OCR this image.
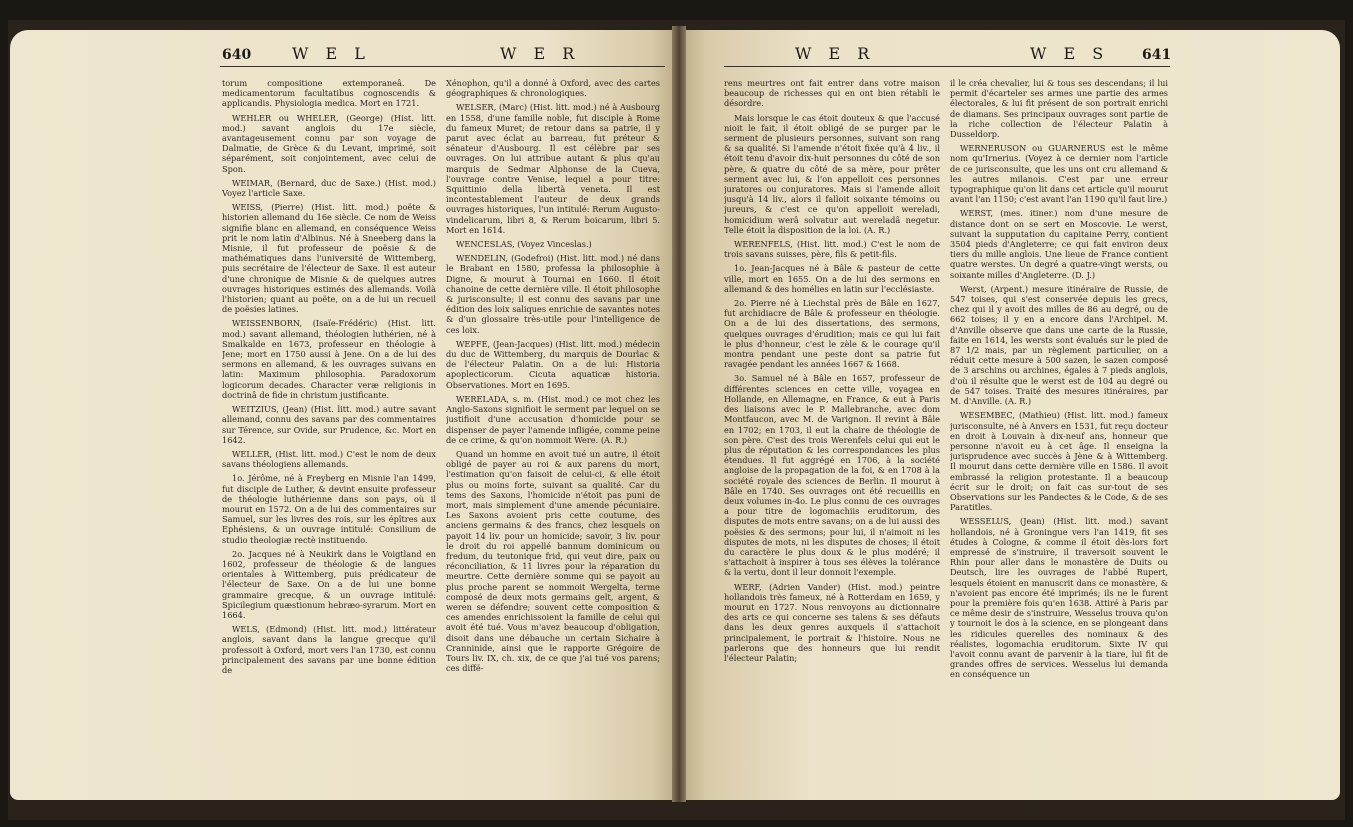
640	W E L	W E R

torum compositione extemporaneâ. De medicamentorum facultatibus cognoscendis & applicandis. Physiologia medica. Mort en 1721.

WEHLER ou WHELER, (George) (Hist. litt. mod.) savant anglois du 17e siècle, avantageusement connu par son voyage de Dalmatie, de Grèce & du Levant, imprimé, soit séparément, soit conjointement, avec celui de Spon.

WEIMAR, (Bernard, duc de Saxe.) (Hist. mod.) Voyez l'article Saxe.

WEISS, (Pierre) (Hist. litt. mod.) poëte & historien allemand du 16e siècle. Ce nom de Weiss signifie blanc en allemand, en conséquence Weiss prit le nom latin d'Albinus. Né à Sneeberg dans la Misnie, il fut professeur de poësie & de mathématiques dans l'université de Wittemberg, puis secrétaire de l'électeur de Saxe. Il est auteur d'une chronique de Misnie & de quelques autres ouvrages historiques estimés des allemands. Voilà l'historien; quant au poëte, on a de lui un recueil de poësies latines.

WEISSENBORN, (Isaïe-Frédéric) (Hist. litt. mod.) savant allemand, théologien luthérien, né à Smalkalde en 1673, professeur en théologie à Jene; mort en 1750 aussi à Jene. On a de lui des sermons en allemand, & les ouvrages suivans en latin: Maximum philosophia. Paradoxorum logicorum decades. Character veræ religionis in doctrinâ de fide in christum justificante.

WEITZIUS, (Jean) (Hist. litt. mod.) autre savant allemand, connu des savans par des commentaires sur Térence, sur Ovide, sur Prudence, &c. Mort en 1642.

WELLER, (Hist. litt. mod.) C'est le nom de deux savans théologiens allemands.

1o. Jérôme, né à Freyberg en Misnie l'an 1499, fut disciple de Luther, & devint ensuite professeur de théologie luthérienne dans son pays, où il mourut en 1572. On a de lui des commentaires sur Samuel, sur les livres des rois, sur les épîtres aux Ephésiens, & un ouvrage intitulé: Consilium de studio theologiæ rectè instituendo.

2o. Jacques né à Neukirk dans le Voigtland en 1602, professeur de théologie & de langues orientales à Wittemberg, puis prédicateur de l'électeur de Saxe. On a de lui une bonne grammaire grecque, & un ouvrage intitulé: Spicilegium quæstionum hebræo-syrarum. Mort en 1664.

WELS, (Edmond) (Hist. litt. mod.) littérateur anglois, savant dans la langue grecque qu'il professoit à Oxford, mort vers l'an 1730, est connu principalement des savans par une bonne édition de

Xénophon, qu'il a donné à Oxford, avec des cartes géographiques & chronologiques.

WELSER, (Marc) (Hist. litt. mod.) né à Ausbourg en 1558, d'une famille noble, fut disciple à Rome du fameux Muret; de retour dans sa patrie, il y parut avec éclat au barreau, fut préteur & sénateur d'Ausbourg. Il est célèbre par ses ouvrages. On lui attribue autant & plus qu'au marquis de Sedmar Alphonse de la Cueva, l'ouvrage contre Venise, lequel a pour titre: Squittinio della libertà veneta. Il est incontestablement l'auteur de deux grands ouvrages historiques, l'un intitulé: Rerum Augusto-vindelicarum, libri 8, & Rerum boicarum, libri 5. Mort en 1614.

WENCESLAS, (Voyez Vinceslas.)

WENDELIN, (Godefroi) (Hist. litt. mod.) né dans le Brabant en 1580, professa la philosophie à Digne, & mourut à Tournai en 1660. Il étoit chanoine de cette dernière ville. Il étoit philosophe & jurisconsulte; il est connu des savans par une édition des loix saliques enrichie de savantes notes & d'un glossaire très-utile pour l'intelligence de ces loix.

WEPFE, (Jean-Jacques) (Hist. litt. mod.) médecin du duc de Wittemberg, du marquis de Dourlac & de l'électeur Palatin. On a de lui: Historia apoplecticorum. Cicuta aquaticæ historia. Observationes. Mort en 1695.

WERELADA, s. m. (Hist. mod.) ce mot chez les Anglo-Saxons signifioit le serment par lequel on se justifioit d'une accusation d'homicide pour se dispenser de payer l'amende infligée, comme peine de ce crime, & qu'on nommoit Were. (A. R.)

Quand un homme en avoit tué un autre, il étoit obligé de payer au roi & aux parens du mort, l'estimation qu'on faisoit de celui-ci, & elle étoit plus ou moins forte, suivant sa qualité. Car du tems des Saxons, l'homicide n'étoit pas puni de mort, mais simplement d'une amende pécuniaire. Les Saxons avoient pris cette coutume, des anciens germains & des francs, chez lesquels on payoit 14 liv. pour un homicide; savoir, 3 liv. pour le droit du roi appellé bannum dominicum ou fredum, du teutonique frid, qui veut dire, paix ou réconciliation, & 11 livres pour la réparation du meurtre. Cette dernière somme qui se payoit au plus proche parent se nommoit Wergelta, terme composé de deux mots germains gelt, argent, & weren se défendre; souvent cette composition & ces amendes enrichissoient la famille de celui qui avoit été tué. Vous m'avez beaucoup d'obligation, disoit dans une débauche un certain Sichaire à Cranninide, ainsi que le rapporte Grégoire de Tours liv. IX, ch. xix, de ce que j'ai tué vos parens; ces diffé-

rens
W E R	W E S 641

rens meurtres ont fait entrer dans votre maison beaucoup de richesses qui en ont bien rétabli le désordre.

Mais lorsque le cas étoit douteux & que l'accusé nioit le fait, il étoit obligé de se purger par le serment de plusieurs personnes, suivant son rang & sa qualité. Si l'amende n'étoit fixée qu'à 4 liv., il étoit tenu d'avoir dix-huit personnes du côté de son père, & quatre du côté de sa mère, pour prêter serment avec lui, & l'on appelloit ces personnes juratores ou conjuratores. Mais si l'amende alloit jusqu'à 14 liv., alors il falloit soixante témoins ou jureurs, & c'est ce qu'on appelloit wereladi, homicidium werâ solvatur aut wereladâ negetur. Telle étoit la disposition de la loi. (A. R.)

WERENFELS, (Hist. litt. mod.) C'est le nom de trois savans suisses, père, fils & petit-fils.

1o. Jean-Jacques né à Bâle & pasteur de cette ville, mort en 1655. On a de lui des sermons en allemand & des homélies en latin sur l'ecclésiaste.

2o. Pierre né à Liechstal près de Bâle en 1627, fut archidiacre de Bâle & professeur en théologie. On a de lui des dissertations, des sermons, quelques ouvrages d'érudition; mais ce qui lui fait le plus d'honneur, c'est le zèle & le courage qu'il montra pendant une peste dont sa patrie fut ravagée pendant les années 1667 & 1668.

3o. Samuel né à Bâle en 1657, professeur de différentes sciences en cette ville, voyagea en Hollande, en Allemagne, en France, & eut à Paris des liaisons avec le P. Mallebranche, avec dom Montfaucon, avec M. de Varignon. Il revint à Bâle en 1702; en 1703, il eut la chaire de théologie de son père. C'est des trois Werenfels celui qui eut le plus de réputation & les correspondances les plus étendues. Il fut aggrégé en 1706, à la société angloise de la propagation de la foi, & en 1708 à la société royale des sciences de Berlin. Il mourut à Bâle en 1740. Ses ouvrages ont été recueillis en deux volumes in-4o. Le plus connu de ces ouvrages a pour titre de logomachiis eruditorum, des disputes de mots entre savans; on a de lui aussi des poësies & des sermons; pour lui, il n'aimoit ni les disputes de mots, ni les disputes de choses; il étoit du caractère le plus doux & le plus modéré; il s'attachoit à inspirer à tous ses élèves la tolérance & la vertu, dont il leur donnoit l'exemple.

WERF, (Adrien Vander) (Hist. mod.) peintre hollandois très fameux, né à Rotterdam en 1659, y mourut en 1727. Nous renvoyons au dictionnaire des arts ce qui concerne ses talens & ses défauts dans les deux genres auxquels il s'attachoit principalement, le portrait & l'histoire. Nous ne parlerons que des honneurs que lui rendit l'électeur Palatin;

il le créa chevalier, lui & tous ses descendans; il lui permit d'écarteler ses armes une partie des armes électorales, & lui fit présent de son portrait enrichi de diamans. Ses principaux ouvrages sont partie de la riche collection de l'électeur Palatin à Dusseldorp.

WERNERUSON ou GUARNERUS est le même nom qu'Irnerius. (Voyez à ce dernier nom l'article de ce jurisconsulte, que les uns ont cru allemand & les autres milanois. C'est par une erreur typographique qu'on lit dans cet article qu'il mourut avant l'an 1150; c'est avant l'an 1190 qu'il faut lire.)

WERST, (mes. itiner.) nom d'une mesure de distance dont on se sert en Moscovie. Le werst, suivant la supputation du capitaine Perry, contient 3504 pieds d'Angleterre; ce qui fait environ deux tiers du mille anglois. Une lieue de France contient quatre werstes. Un degré a quatre-vingt wersts, ou soixante milles d'Angleterre. (D. J.)

Werst, (Arpent.) mesure itinéraire de Russie, de 547 toises, qui s'est conservée depuis les grecs, chez qui il y avoit des milles de 86 au degré, ou de 662 toises; il y en a encore dans l'Archipel. M. d'Anville observe que dans une carte de la Russie, faite en 1614, les wersts sont évalués sur le pied de 87 1/2 mais, par un règlement particulier, on a réduit cette mesure à 500 sazen, le sazen composé de 3 arschins ou archines, égales à 7 pieds anglois, d'où il résulte que le werst est de 104 au degré ou de 547 toises. Traité des mesures itinéraires, par M. d'Anville. (A. R.)

WESEMBEC, (Mathieu) (Hist. litt. mod.) fameux jurisconsulte, né à Anvers en 1531, fut reçu docteur en droit à Louvain à dix-neuf ans, honneur que personne n'avoit eu à cet âge. Il enseigna la jurisprudence avec succès à Jène & à Wittemberg. Il mourut dans cette dernière ville en 1586. Il avoit embrassé la religion protestante. Il a beaucoup écrit sur le droit; on fait cas sur-tout de ses Observations sur les Pandectes & le Code, & de ses Paratitles.

WESSELUS, (Jean) (Hist. litt. mod.) savant hollandois, né à Groningue vers l'an 1419, fit ses études à Cologne, & comme il étoit dès-lors fort empressé de s'instruire, il traversoit souvent le Rhin pour aller dans le monastère de Duits ou Deutsch, lire les ouvrages de l'abbé Rupert, lesquels étoient en manuscrit dans ce monastère, & n'avoient pas encore été imprimés; ils ne le furent pour la première fois qu'en 1638. Attiré à Paris par ce même desir de s'instruire, Wesselus trouva qu'on y tournoit le dos à la science, en se plongeant dans les ridicules querelles des nominaux & des réalistes, logomachia eruditorum. Sixte IV qui l'avoit connu avant de parvenir à la tiare, lui fit de grandes offres de services. Wesselus lui demanda en conséquence un

Histoire, Tome V.	M m m m *
